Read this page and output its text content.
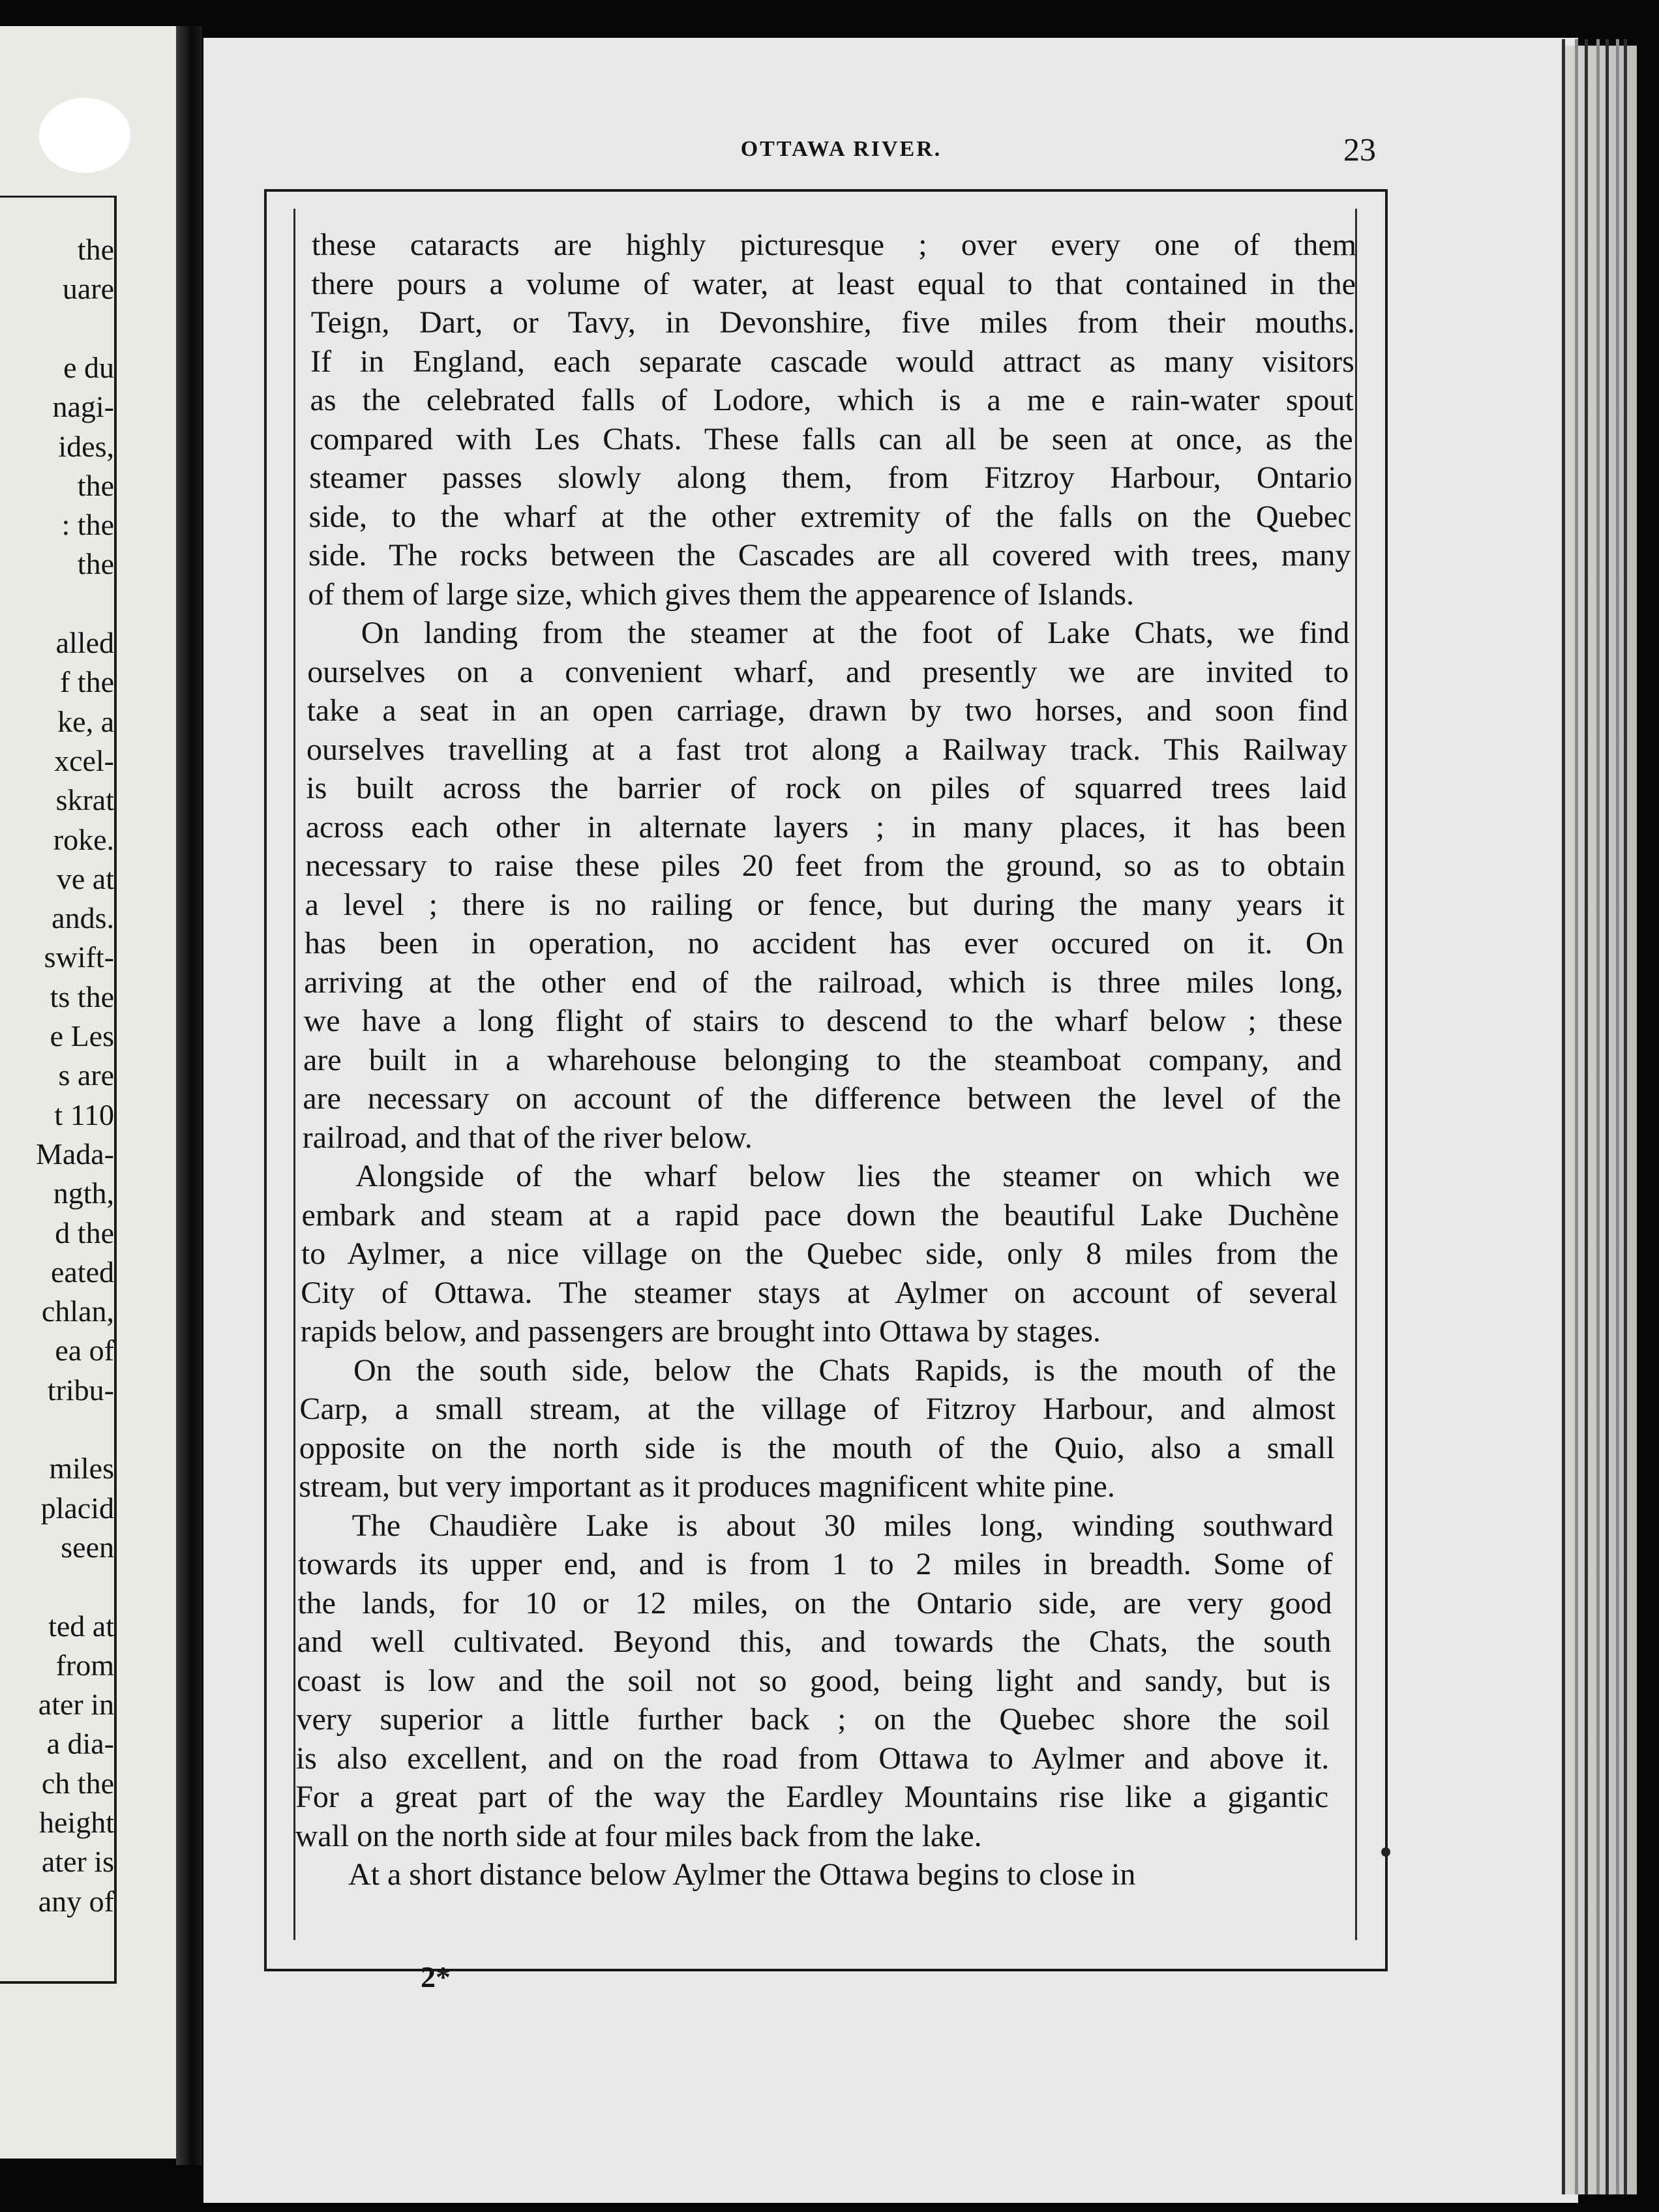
the
uare
e du
nagi-
ides,
the
: the
the
alled
f the
ke, a
xcel-
skrat
roke.
ve at
ands.
swift-
ts the
e Les
s are
t 110
Mada-
ngth,
d the
eated
chlan,
ea of
tribu-
miles
placid
seen
ted at
from
ater in
a dia-
ch the
height
ater is
any of
OTTAWA RIVER.	23
these cataracts are highly picturesque ; over every one of them
there pours a volume of water, at least equal to that contained in the
Teign, Dart, or Tavy, in Devonshire, five miles from their mouths.
If in England, each separate cascade would attract as many visitors
as the celebrated falls of Lodore, which is a me e rain-water spout
compared with Les Chats. These falls can all be seen at once, as the
steamer passes slowly along them, from Fitzroy Harbour, Ontario
side, to the wharf at the other extremity of the falls on the Quebec
side. The rocks between the Cascades are all covered with trees, many
of them of large size, which gives them the appearence of Islands.
On landing from the steamer at the foot of Lake Chats, we find
ourselves on a convenient wharf, and presently we are invited to
take a seat in an open carriage, drawn by two horses, and soon find
ourselves travelling at a fast trot along a Railway track. This Railway
is built across the barrier of rock on piles of squarred trees laid
across each other in alternate layers ; in many places, it has been
necessary to raise these piles 20 feet from the ground, so as to obtain
a level ; there is no railing or fence, but during the many years it
has been in operation, no accident has ever occured on it. On
arriving at the other end of the railroad, which is three miles long,
we have a long flight of stairs to descend to the wharf below ; these
are built in a wharehouse belonging to the steamboat company, and
are necessary on account of the difference between the level of the
railroad, and that of the river below.
Alongside of the wharf below lies the steamer on which we
embark and steam at a rapid pace down the beautiful Lake Duchène
to Aylmer, a nice village on the Quebec side, only 8 miles from the
City of Ottawa. The steamer stays at Aylmer on account of several
rapids below, and passengers are brought into Ottawa by stages.
On the south side, below the Chats Rapids, is the mouth of the
Carp, a small stream, at the village of Fitzroy Harbour, and almost
opposite on the north side is the mouth of the Quio, also a small
stream, but very important as it produces magnificent white pine.
The Chaudière Lake is about 30 miles long, winding southward
towards its upper end, and is from 1 to 2 miles in breadth. Some of
the lands, for 10 or 12 miles, on the Ontario side, are very good
and well cultivated. Beyond this, and towards the Chats, the south
coast is low and the soil not so good, being light and sandy, but is
very superior a little further back ; on the Quebec shore the soil
is also excellent, and on the road from Ottawa to Aylmer and above it.
For a great part of the way the Eardley Mountains rise like a gigantic
wall on the north side at four miles back from the lake.
At a short distance below Aylmer the Ottawa begins to close in
2*
